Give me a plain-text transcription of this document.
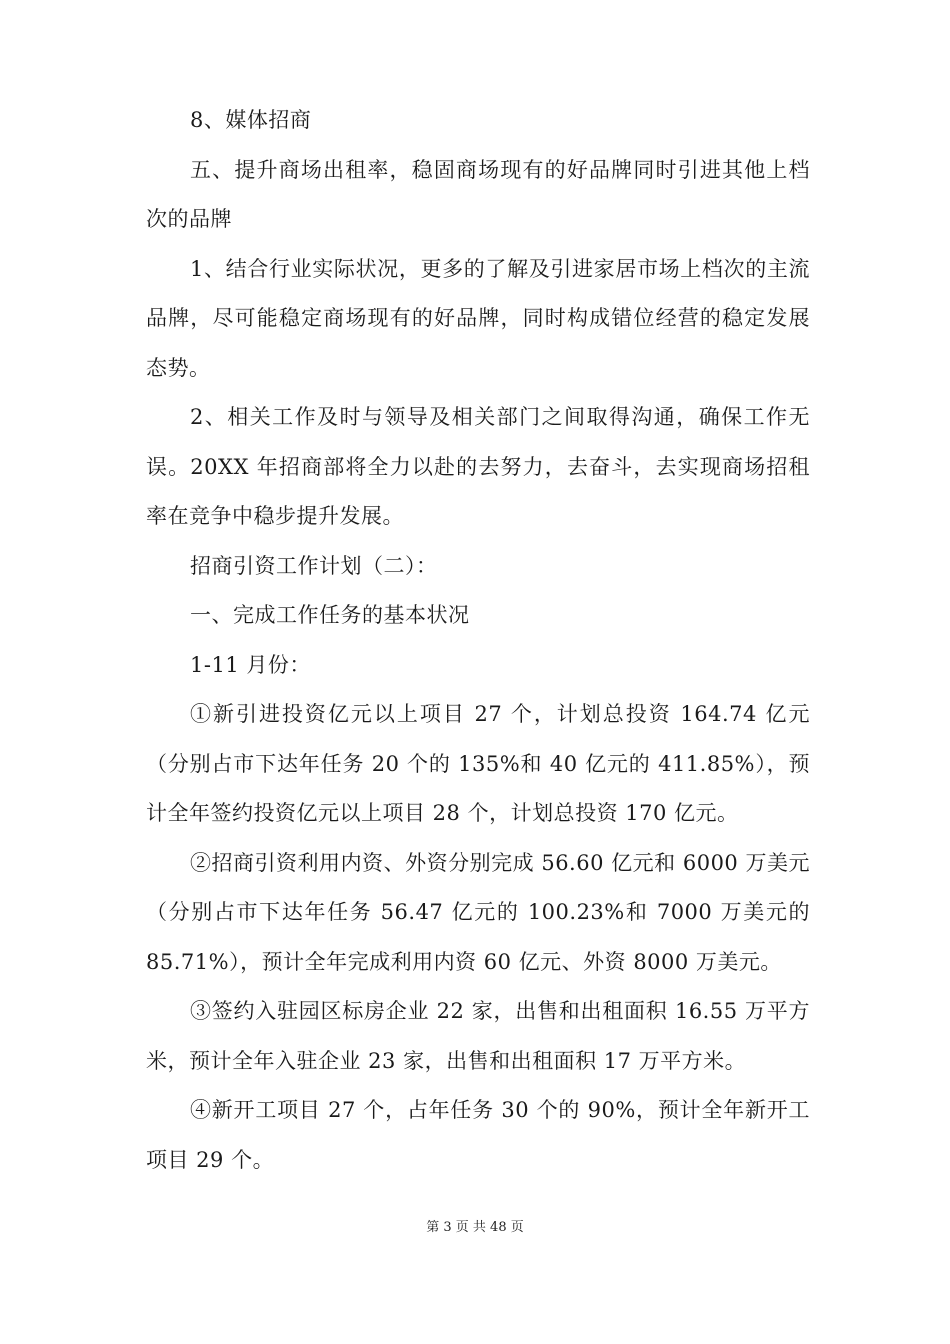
8、媒体招商

五、提升商场出租率，稳固商场现有的好品牌同时引进其他上档次的品牌

1、结合行业实际状况，更多的了解及引进家居市场上档次的主流品牌，尽可能稳定商场现有的好品牌，同时构成错位经营的稳定发展态势。

2、相关工作及时与领导及相关部门之间取得沟通，确保工作无误。20XX 年招商部将全力以赴的去努力，去奋斗，去实现商场招租率在竞争中稳步提升发展。

招商引资工作计划（二）：

一、完成工作任务的基本状况

1-11 月份：

①新引进投资亿元以上项目 27 个，计划总投资 164.74 亿元（分别占市下达年任务 20 个的 135%和 40 亿元的 411.85%），预计全年签约投资亿元以上项目 28 个，计划总投资 170 亿元。

②招商引资利用内资、外资分别完成 56.60 亿元和 6000 万美元（分别占市下达年任务 56.47 亿元的 100.23%和 7000 万美元的 85.71%），预计全年完成利用内资 60 亿元、外资 8000 万美元。

③签约入驻园区标房企业 22 家，出售和出租面积 16.55 万平方米，预计全年入驻企业 23 家，出售和出租面积 17 万平方米。

④新开工项目 27 个，占年任务 30 个的 90%，预计全年新开工项目 29 个。

第 3 页 共 48 页
